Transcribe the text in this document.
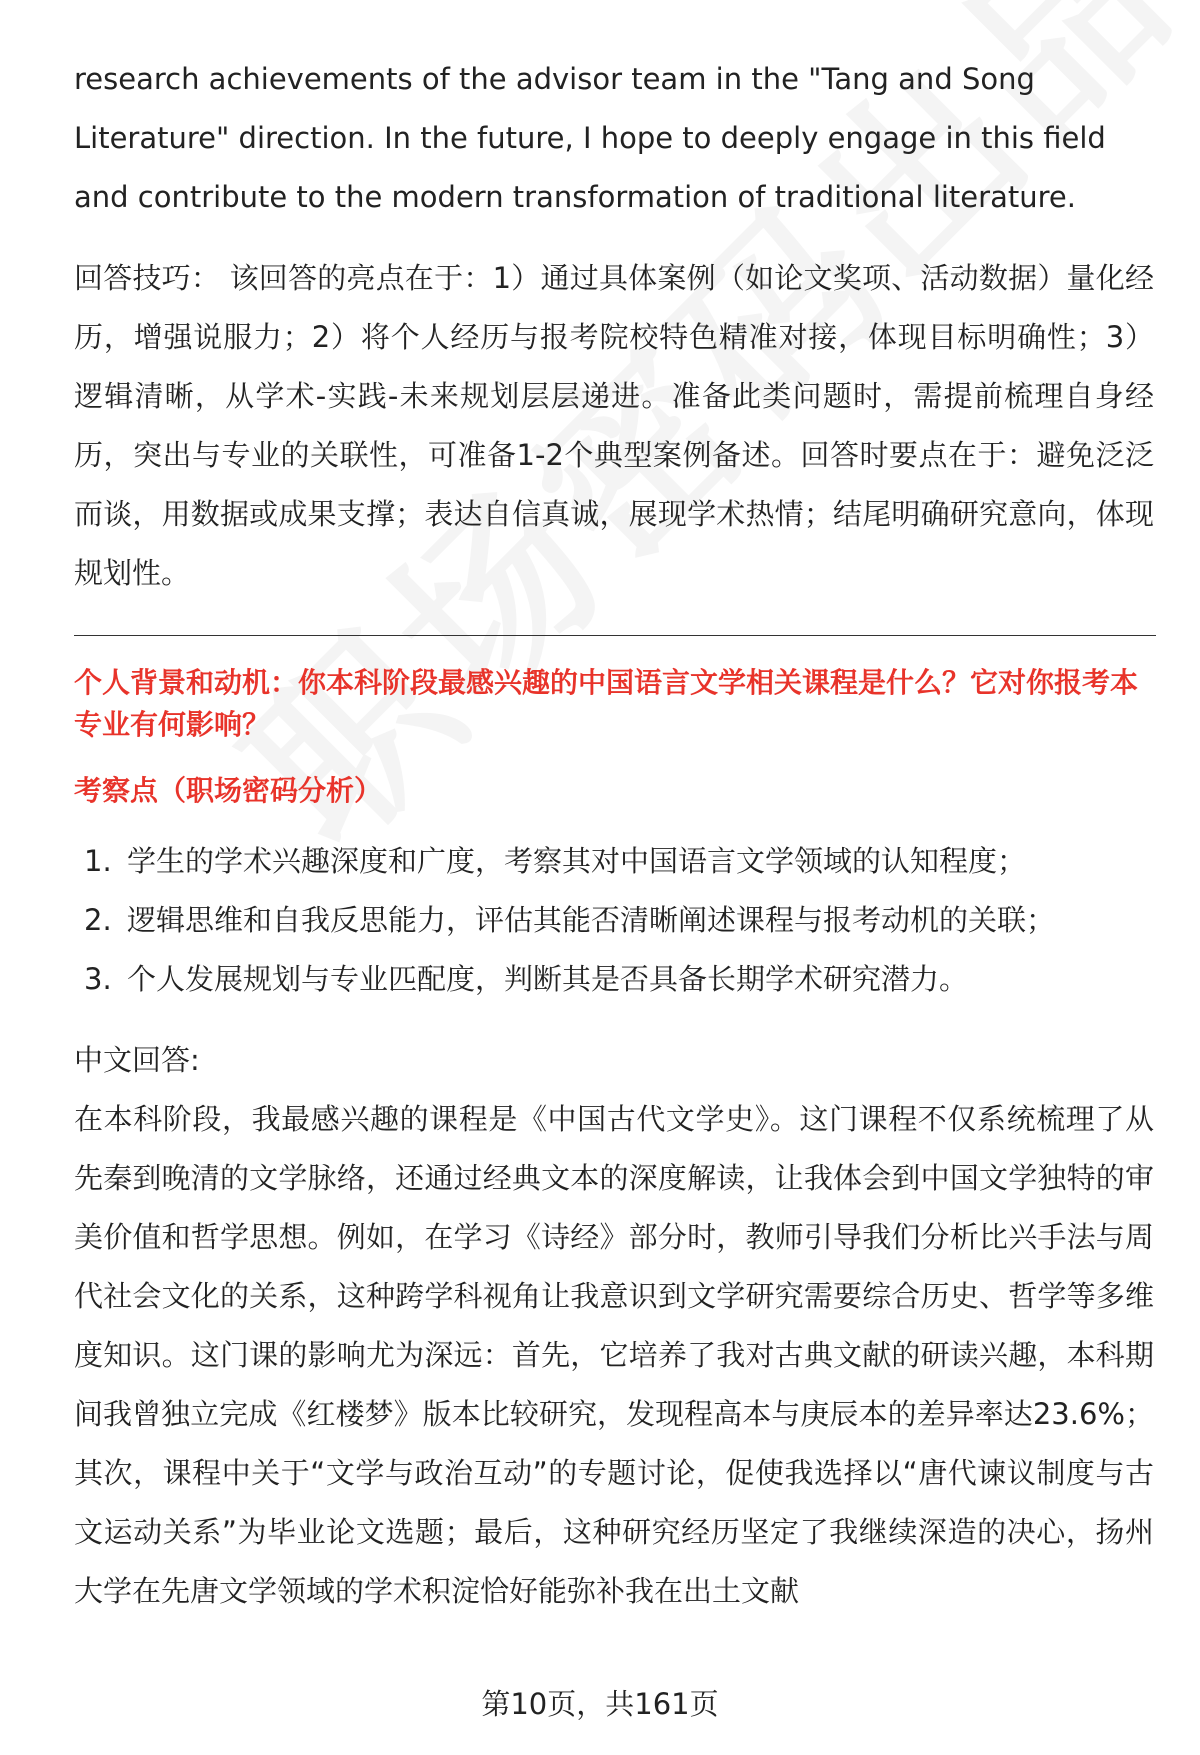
research achievements of the advisor team in the "Tang and Song Literature" direction. In the future, I hope to deeply engage in this field and contribute to the modern transformation of traditional literature.

回答技巧： 该回答的亮点在于：1）通过具体案例（如论文奖项、活动数据）量化经历，增强说服力；2）将个人经历与报考院校特色精准对接，体现目标明确性；3）逻辑清晰，从学术-实践-未来规划层层递进。准备此类问题时，需提前梳理自身经历，突出与专业的关联性，可准备1-2个典型案例备述。回答时要点在于：避免泛泛而谈，用数据或成果支撑；表达自信真诚，展现学术热情；结尾明确研究意向，体现规划性。

个人背景和动机：你本科阶段最感兴趣的中国语言文学相关课程是什么？它对你报考本专业有何影响？

考察点（职场密码分析）

1. 学生的学术兴趣深度和广度，考察其对中国语言文学领域的认知程度；
2. 逻辑思维和自我反思能力，评估其能否清晰阐述课程与报考动机的关联；
3. 个人发展规划与专业匹配度，判断其是否具备长期学术研究潜力。

中文回答:

在本科阶段，我最感兴趣的课程是《中国古代文学史》。这门课程不仅系统梳理了从先秦到晚清的文学脉络，还通过经典文本的深度解读，让我体会到中国文学独特的审美价值和哲学思想。例如，在学习《诗经》部分时，教师引导我们分析比兴手法与周代社会文化的关系，这种跨学科视角让我意识到文学研究需要综合历史、哲学等多维度知识。这门课的影响尤为深远：首先，它培养了我对古典文献的研读兴趣，本科期间我曾独立完成《红楼梦》版本比较研究，发现程高本与庚辰本的差异率达23.6%；其次，课程中关于“文学与政治互动”的专题讨论，促使我选择以“唐代谏议制度与古文运动关系”为毕业论文选题；最后，这种研究经历坚定了我继续深造的决心，扬州大学在先唐文学领域的学术积淀恰好能弥补我在出土文献

第10页，共161页
